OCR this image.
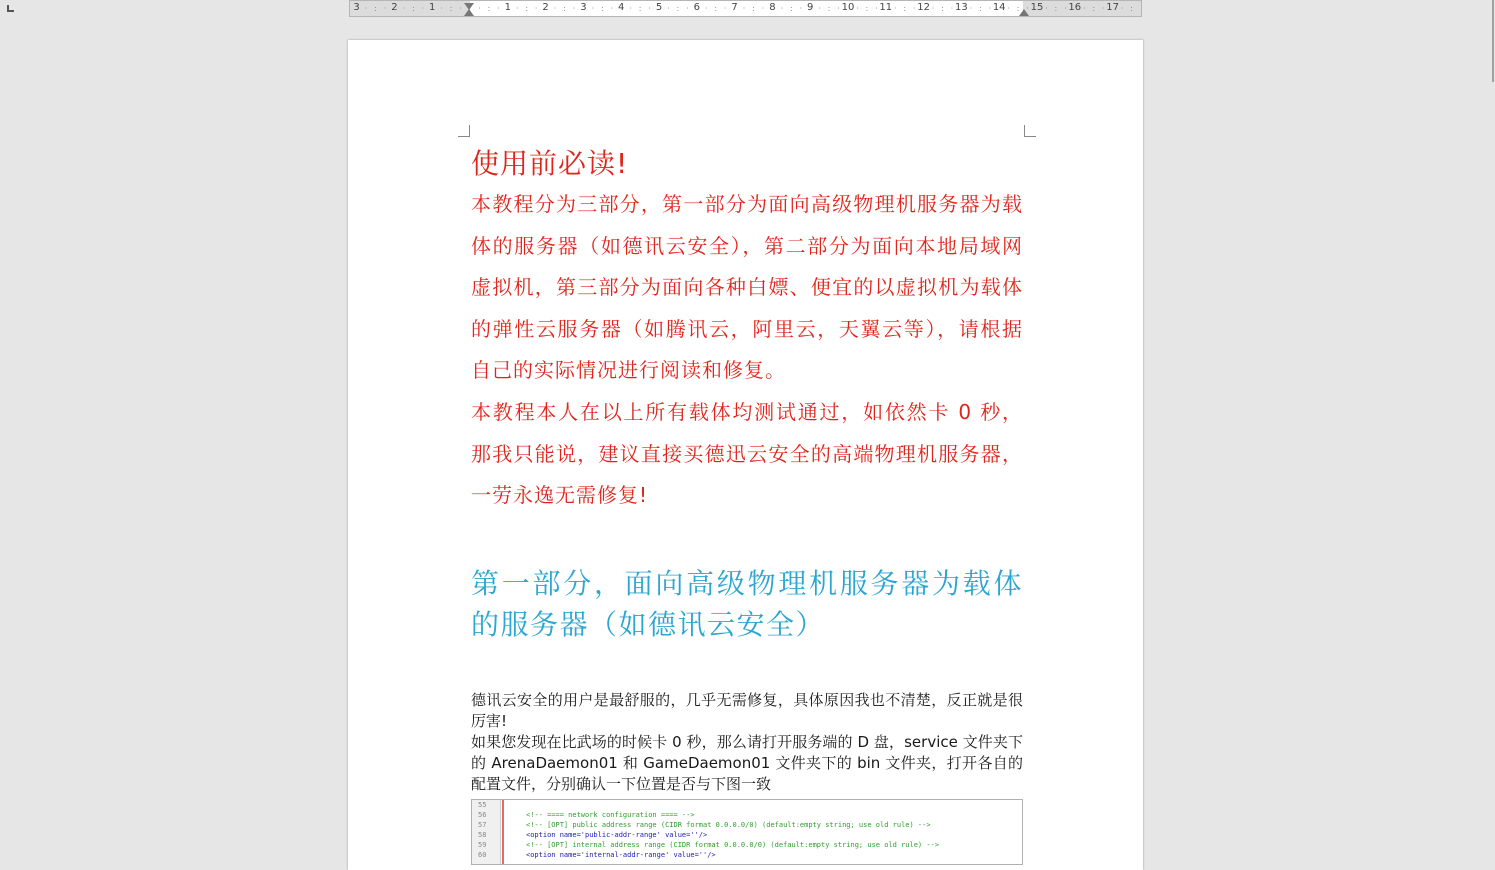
3	2	1	1	2	3	4	5	6	7	8	9	10	11	12	13	14	15	16	17
· : · · : · · : · · : · · : · · : · · : · · : · · : · · : · · : · · : · · : · · : · · : · · : · · : · · : · · : · · : · · :
使用前必读!

本教程分为三部分，第一部分为面向高级物理机服务器为载体的服务器（如德讯云安全），第二部分为面向本地局域网虚拟机，第三部分为面向各种白嫖、便宜的以虚拟机为载体的弹性云服务器（如腾讯云，阿里云，天翼云等），请根据自己的实际情况进行阅读和修复。

本教程本人在以上所有载体均测试通过，如依然卡 0 秒，那我只能说，建议直接买德迅云安全的高端物理机服务器，一劳永逸无需修复!

第一部分，面向高级物理机服务器为载体的服务器（如德讯云安全）

德讯云安全的用户是最舒服的，几乎无需修复，具体原因我也不清楚，反正就是很厉害!

如果您发现在比武场的时候卡 0 秒，那么请打开服务端的 D 盘，service 文件夹下的 ArenaDaemon01 和 GameDaemon01 文件夹下的 bin 文件夹，打开各自的配置文件，分别确认一下位置是否与下图一致

55
56	<!-- ==== network configuration ==== -->
57	<!-- [OPT] public address range (CIDR format 0.0.0.0/0) (default:empty string; use old rule) -->
58	<option name='public-addr-range' value=''/>
59	<!-- [OPT] internal address range (CIDR format 0.0.0.0/0) (default:empty string; use old rule) -->
60	<option name='internal-addr-range' value=''/>
